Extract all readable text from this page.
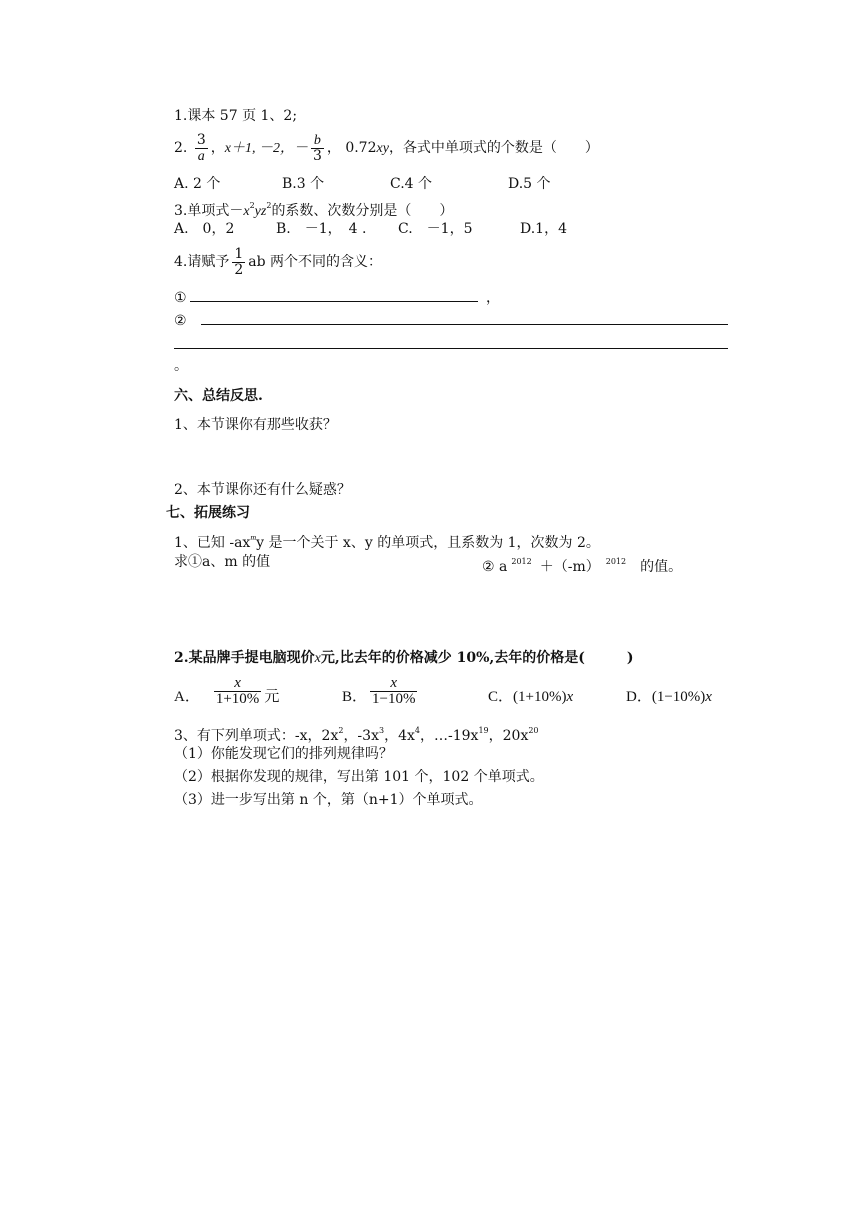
1.课本 57 页 1、2;
2. $\frac{3}{a}$ ，x＋1, －2，－ $\frac{b}{3}$ ， 0.72xy，各式中单项式的个数是（　　）
A. 2 个	B.3 个	C.4 个	D.5 个
3.单项式$-x^2yz^2$的系数、次数分别是（　　）
A.　0，2	B.　－1，　4 . C.　－1，5	D.1，4
4.请赋予 $\frac{1}{2}$ ab 两个不同的含义：
①	，
②
。
六、总结反思.
1、本节课你有那些收获？
2、本节课你还有什么疑惑？
七、拓展练习
1、已知 $-ax^my$ 是一个关于 x、y 的单项式，且系数为 1，次数为 2。
求①a、m 的值	② a $^{2012}$ ＋（-m） $^{2012}$ 的值。
2.某品牌手提电脑现价x元,比去年的价格减少 10%,去年的价格是(　　　)
A． $\frac{x}{1+10\%}$ 元	B． $\frac{x}{1-10\%}$	C．(1+10%)x	D．(1−10%)x
3、有下列单项式：-x，$2x^2$，$-3x^3$，$4x^4$，$\dots-19x^{19}$，$20x^{20}$
（1）你能发现它们的排列规律吗？
（2）根据你发现的规律，写出第 101 个，102 个单项式。
（3）进一步写出第 n 个，第（n+1）个单项式。
